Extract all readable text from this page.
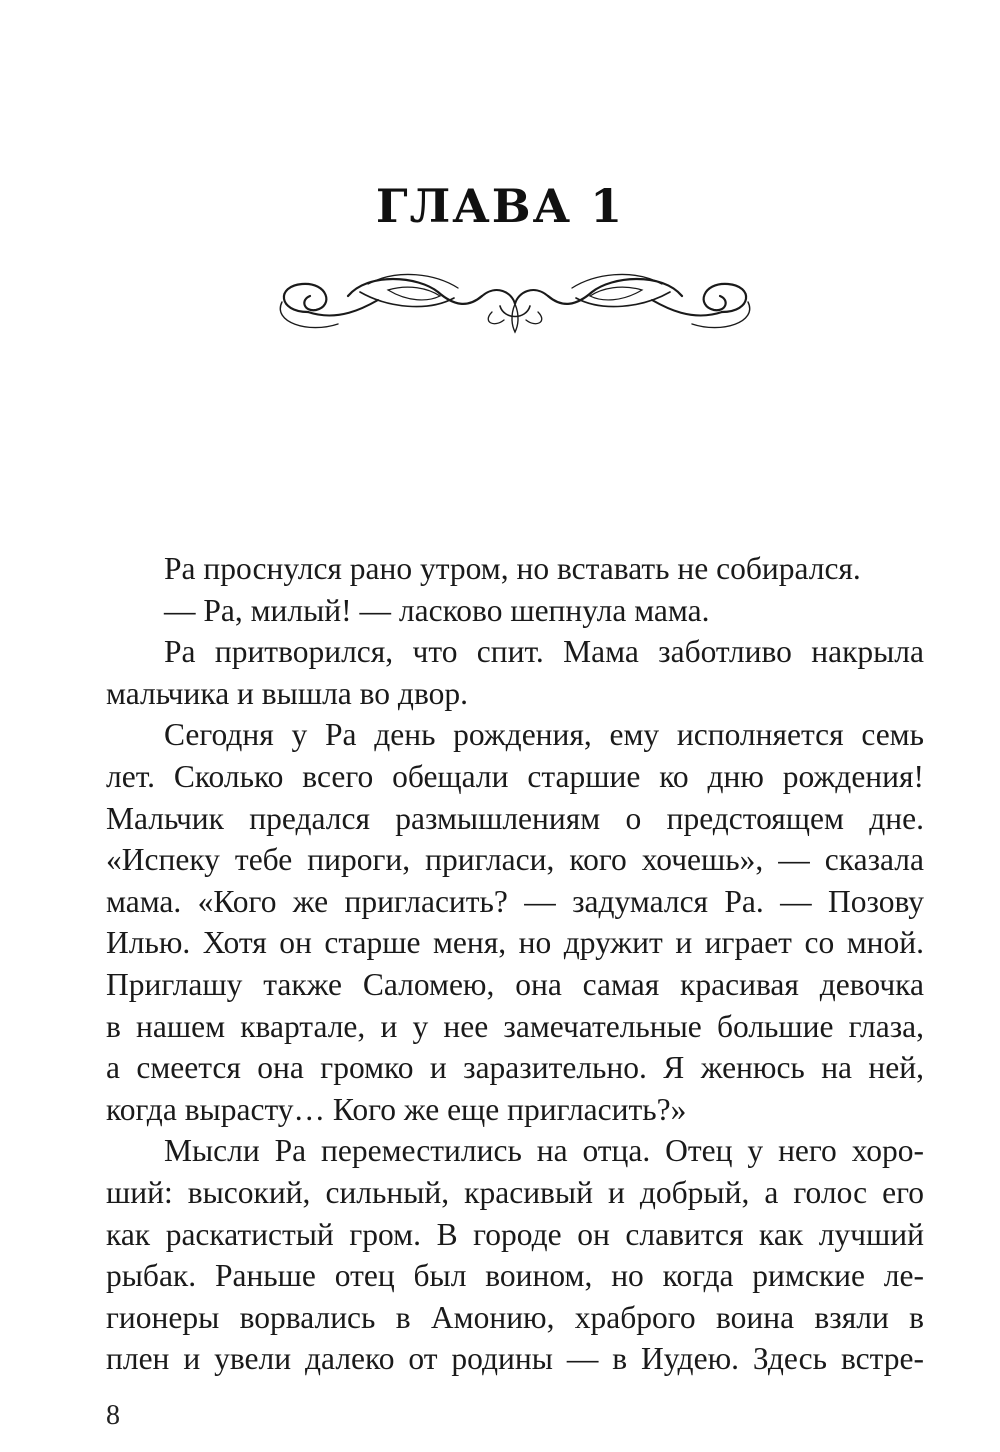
ГЛАВА 1
Ра проснулся рано утром, но вставать не собирался.
— Ра, милый! — ласково шепнула мама.
Ра притворился, что спит. Мама заботливо накрыла
мальчика и вышла во двор.
Сегодня у Ра день рождения, ему исполняется семь
лет. Сколько всего обещали старшие ко дню рождения!
Мальчик предался размышлениям о предстоящем дне.
«Испеку тебе пироги, пригласи, кого хочешь», — сказала
мама. «Кого же пригласить? — задумался Ра. — Позову
Илью. Хотя он старше меня, но дружит и играет со мной.
Приглашу также Саломею, она самая красивая девочка
в нашем квартале, и у нее замечательные большие глаза,
а смеется она громко и заразительно. Я женюсь на ней,
когда вырасту… Кого же еще пригласить?»
Мысли Ра переместились на отца. Отец у него хоро-
ший: высокий, сильный, красивый и добрый, а голос его
как раскатистый гром. В городе он славится как лучший
рыбак. Раньше отец был воином, но когда римские ле-
гионеры ворвались в Амонию, храброго воина взяли в
плен и увели далеко от родины — в Иудею. Здесь встре-
8
